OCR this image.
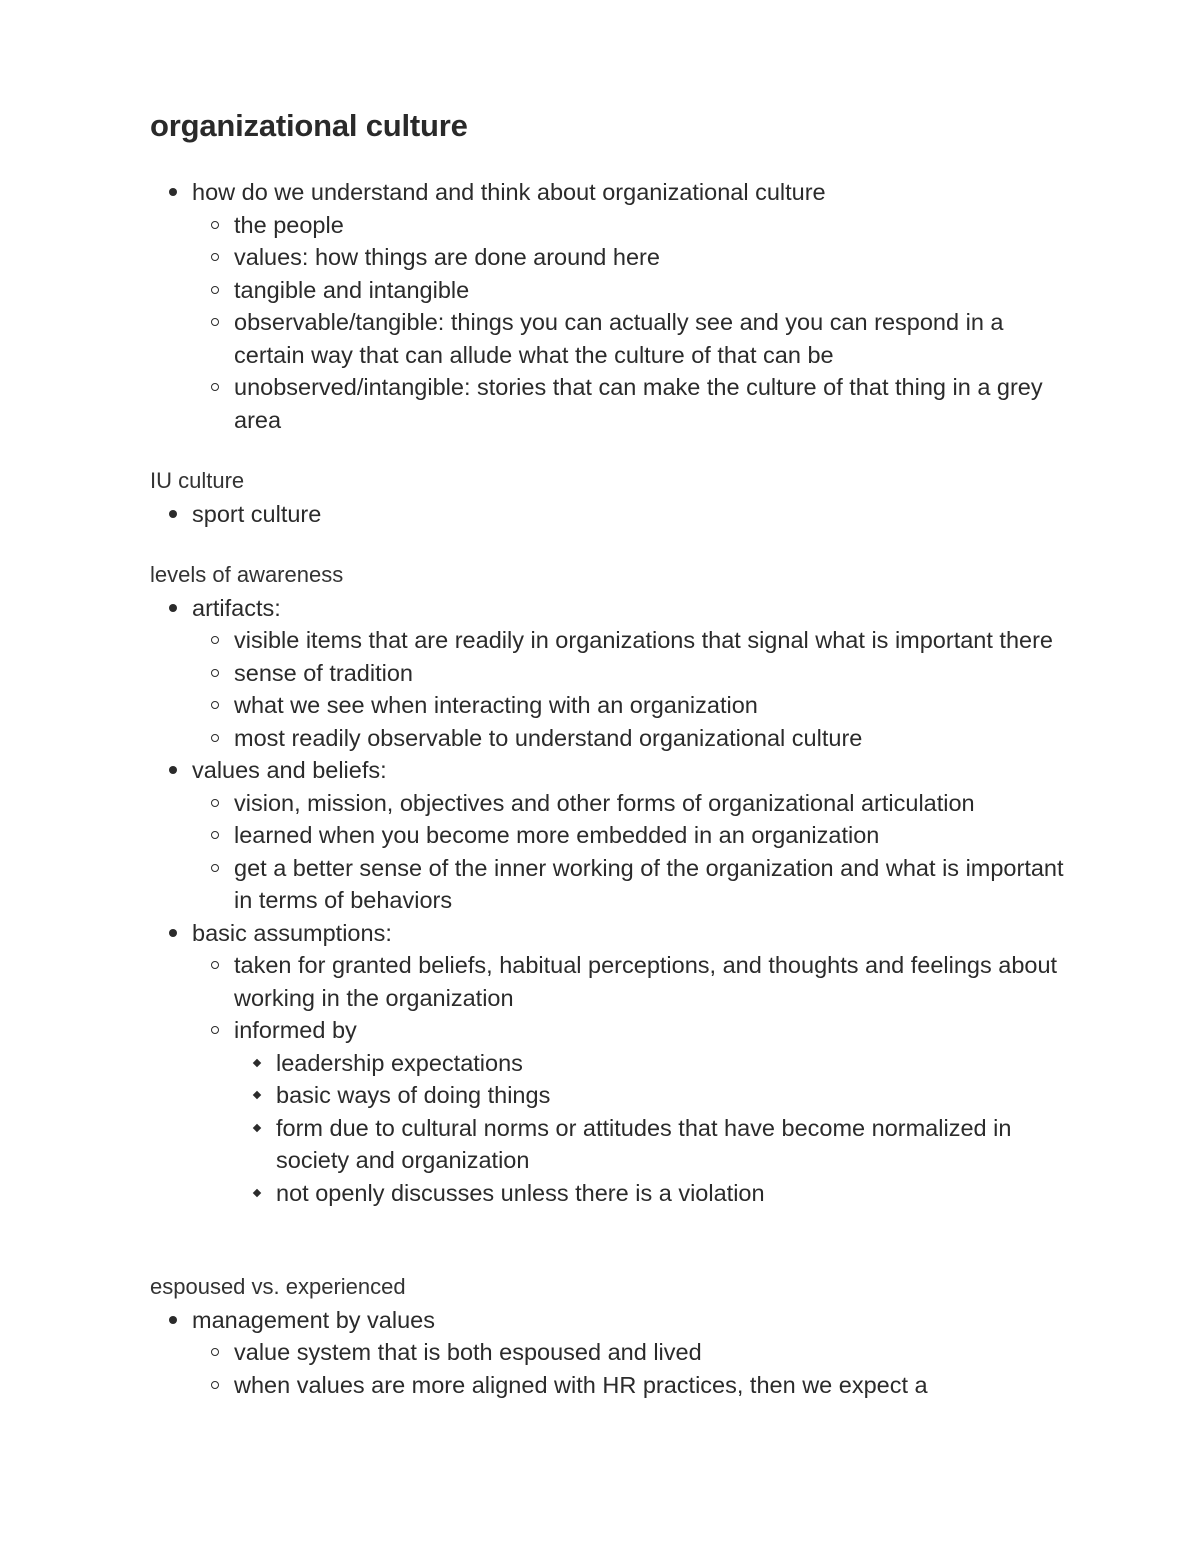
organizational culture
how do we understand and think about organizational culture
the people
values: how things are done around here
tangible and intangible
observable/tangible: things you can actually see and you can respond in a certain way that can allude what the culture of that can be
unobserved/intangible: stories that can make the culture of that thing in a grey area
IU culture
sport culture
levels of awareness
artifacts:
visible items that are readily in organizations that signal what is important there
sense of tradition
what we see when interacting with an organization
most readily observable to understand organizational culture
values and beliefs:
vision, mission, objectives and other forms of organizational articulation
learned when you become more embedded in an organization
get a better sense of the inner working of the organization and what is important in terms of behaviors
basic assumptions:
taken for granted beliefs, habitual perceptions, and thoughts and feelings about working in the organization
informed by
leadership expectations
basic ways of doing things
form due to cultural norms or attitudes that have become normalized in society and organization
not openly discusses unless there is a violation
espoused vs. experienced
management by values
value system that is both espoused and lived
when values are more aligned with HR practices, then we expect a
